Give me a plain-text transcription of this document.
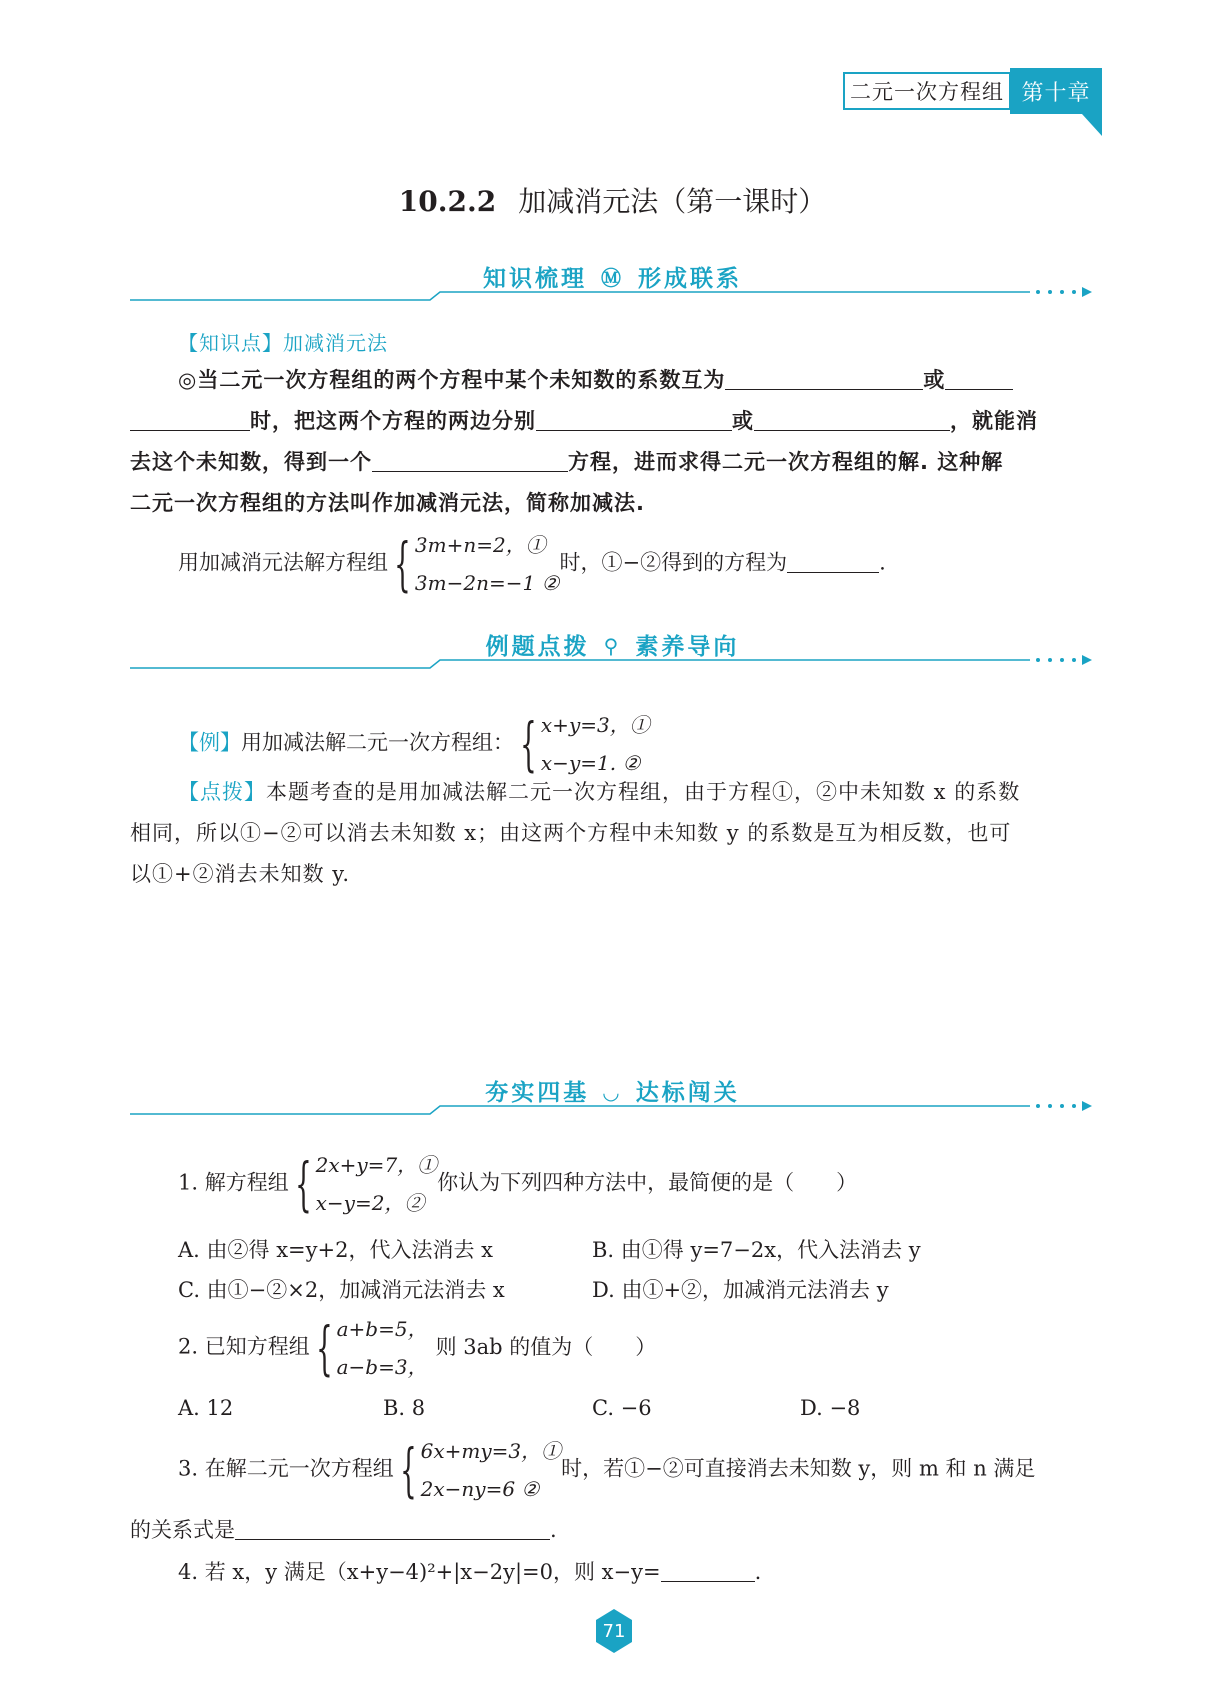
二元一次方程组 第十章
10.2.2 加减消元法（第一课时）
知识梳理 Ⓜ 形成联系
【知识点】加减消元法
◎当二元一次方程组的两个方程中某个未知数的系数互为	或
时，把这两个方程的两边分别	或	，就能消
去这个未知数，得到一个	方程，进而求得二元一次方程组的解. 这种解
二元一次方程组的方法叫作加减消元法，简称加减法.
用加减消元法解方程组 { 3m+n=2，①
3m−2n=−1 ②
时，①−②得到的方程为	.
例题点拨 ⚲ 素养导向
【例】用加减法解二元一次方程组： { x+y=3，①
x−y=1. ②
【点拨】本题考查的是用加减法解二元一次方程组，由于方程①，②中未知数 x 的系数
相同，所以①−②可以消去未知数 x；由这两个方程中未知数 y 的系数是互为相反数，也可
以①+②消去未知数 y.
夯实四基 ◡ 达标闯关
1. 解方程组 { 2x+y=7，①
x−y=2，②
你认为下列四种方法中，最简便的是（　　）
A. 由②得 x=y+2，代入法消去 x	B. 由①得 y=7−2x，代入法消去 y
C. 由①−②×2，加减消元法消去 x	D. 由①+②，加减消元法消去 y
2. 已知方程组 { a+b=5，
a−b=3，
则 3ab 的值为（　　）
A. 12	B. 8	C. −6	D. −8
3. 在解二元一次方程组 { 6x+my=3，①
2x−ny=6 ②
时，若①−②可直接消去未知数 y，则 m 和 n 满足
的关系式是	.
4. 若 x，y 满足（x+y−4)²+|x−2y|=0，则 x−y=	.
71
